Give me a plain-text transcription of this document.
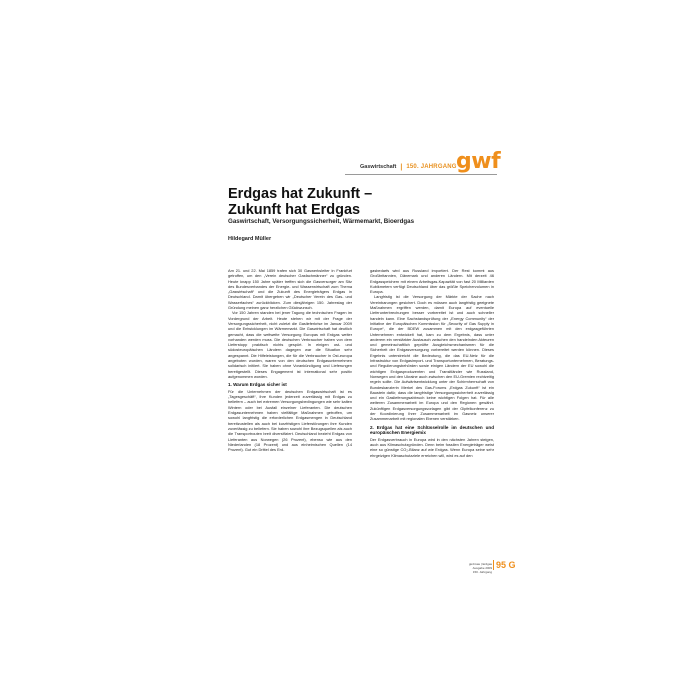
Gaswirtschaft | 150. JAHRGANG gwf
Erdgas hat Zukunft –
Zukunft hat Erdgas
Gaswirtschaft, Versorgungssicherheit, Wärmemarkt, Bioerdgas
Hildegard Müller

Am 21. und 22. Mai 1859 trafen sich 30 Gaswerksleiter in Frankfurt getroffen, um den „Verein deutscher Gasfachmänner“ zu gründen. Heute knapp 150 Jahre später treffen sich die Gasversorger am Sitz des Bundesverbandes der Energie- und Wasserwirtschaft zum Thema „Gaswirtschaft“ und die Zukunft des Energieträgers Erdgas in Deutschland. Damit übergeben wir „Deutscher Verein des Gas- und Wasserfaches“ zurückblicken. Zum diesjährigen 150. Jahrestag der Gründung meinen ganz herzlichen Glückwunsch.

Vor 150 Jahren standen bei jener Tagung die technischen Fragen im Vordergrund der Arbeit. Heute stehen wir mit der Frage der Versorgungssicherheit, nicht zuletzt die Gaslieferkrise im Januar 2009 und die Entwicklungen im Wärmemarkt. Die Gaswirtschaft hat deutlich gemacht, dass die weltweite Versorgung Europas mit Erdgas weiter vorhanden werden muss. Die deutschen Verbraucher haben von dem Lieferstopp praktisch nichts gespürt. In einigen ost- und südosteuropäischen Ländern dagegen war die Situation sehr angespannt. Die Hilfeleistungen, die für die Verbraucher in Ost-europa angeboten wurden, waren von den deutschen Erdgasunternehmen solidarisch initiiert. Sie haben ohne Vorankündigung und Lieferungen bereitgestellt. Dieses Engagement ist international sehr positiv aufgenommen worden.

1. Warum Erdgas sicher ist

Für die Unternehmen der deutschen Erdgaswirtschaft ist es „Tagesgeschäft“, ihre Kunden jederzeit zuverlässig mit Erdgas zu beliefern – auch bei extremen Versorgungsbedingungen wie sehr kalten Wintern oder bei Ausfall einzelner Lieferanten. Die deutschen Erdgasunternehmen haben vielfältige Maßnahmen getroffen, um sowohl langfristig die erforderlichen Erdgasmengen in Deutschland bereitzustellen als auch bei kurzfristigen Lieferstörungen ihre Kunden zuverlässig zu beliefern. Sie haben sowohl ihre Bezugsquellen als auch die Transportrouten breit diversifiziert. Deutschland bezieht Erdgas von Lieferanten aus Norwegen (26 Prozent), ebenso wie aus den Niederlanden (18 Prozent) und aus einheimischen Quellen (14 Prozent). Gut ein Drittel des Erd-

gasbedarfs wird aus Russland importiert. Der Rest kommt aus Großbritannien, Dänemark und anderen Ländern. Mit derzeit 46 Erdgasspeichern mit einem Arbeitsgas-Kapazität von fast 20 Milliarden Kubikmetern verfügt Deutschland über das größte Speichervolumen in Europa.

Langfristig ist die Versorgung der Märkte der Sache nach Vereinbarungen gesichert. Doch es müssen auch langfristig geeignete Maßnahmen ergriffen werden, damit Europa auf eventuelle Lieferunterbrechungen besser vorbereitet ist und auch schneller handeln kann. Eine Sachstandsprüfung der „Energy Community“ der Initiative der Europäischen Kommission für „Security of Gas Supply in Europe“, die der BDEW zusammen mit den erdgasgeführten Unternehmen entwickelt hat, kam zu dem Ergebnis, dass unter anderem ein verstärkter Austausch zwischen den handelnden Akteuren und gemeinschaftlich geprüfte Ausgleichsmechanismen für die Sicherheit der Erdgasversorgung vorbereitet werden können. Dieses Ergebnis unterstreicht die Bedeutung, die das EU-Netz für die Infrastruktur von Erdgasimport- und Transportunternehmen, Beratungs- und Regulierungsbehörden sowie einigen Ländern der EU sowohl die wichtigen Erdgasproduzenten und Transitländer wie Russland, Norwegen und den Ukraine auch zwischen den EU-Gremien rechtzeitig regeln sollte. Die Aufwärtsentwicklung unter der Schirmherrschaft von Bundeskanzlerin Merkel des Gas-Forums „Erdgas Zukunft“ ist ein Baustein dafür, dass die langfristige Versorgungssicherheit zuverlässig und ein Gaslieferungsabbruch keine wichtigen Folgen hat. Für alle weiteren Zusammenarbeit im Europa und den Regionen gewährt. Zukünftigen Erdgasversorgungsvorlagen gibt der Gipfelkonferenz zu der Koordinierung Ihrer Zusammenarbeit im Gasnetz unserer Zusammenarbeit mit regionalen Ebenen verstärken.

2. Erdgas hat eine Schlüsselrolle im deutschen und europäischen Energiemix

Der Erdgasverbrauch in Europa wird in den nächsten Jahren steigen, auch aus Klimaschutzgründen. Denn beim fossilen Energieträger weist eine so günstige CO₂-Bilanz auf wie Erdgas. Wenn Europa seine sehr ehrgeizigen Klimaschutzziele erreichen will, wird es auf den

gwf-Gas | Erdgas
Ausgabe 2009
150. Jahrgang
95 G
